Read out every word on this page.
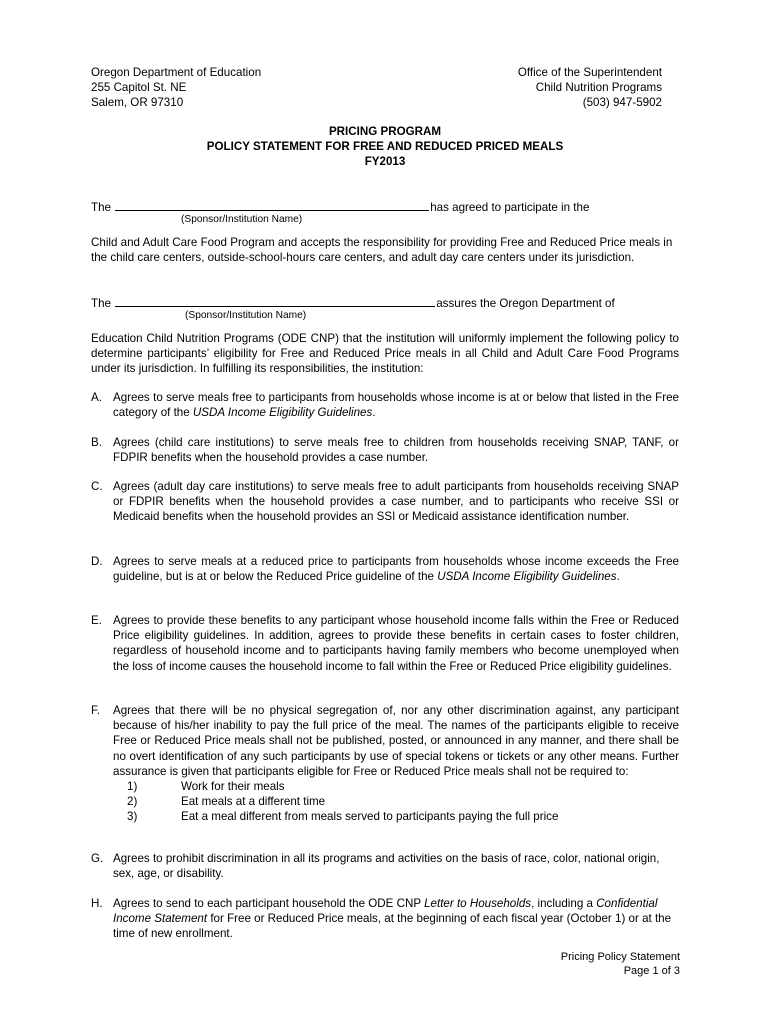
Oregon Department of Education
255 Capitol St. NE
Salem, OR 97310
Office of the Superintendent
Child Nutrition Programs
(503) 947-5902
PRICING PROGRAM
POLICY STATEMENT FOR FREE AND REDUCED PRICED MEALS
FY2013
The	has agreed to participate in the
(Sponsor/Institution Name)
Child and Adult Care Food Program and accepts the responsibility for providing Free and Reduced Price meals in the child care centers, outside-school-hours care centers, and adult day care centers under its jurisdiction.
The	assures the Oregon Department of
(Sponsor/Institution Name)
Education Child Nutrition Programs (ODE CNP) that the institution will uniformly implement the following policy to determine participants’ eligibility for Free and Reduced Price meals in all Child and Adult Care Food Programs under its jurisdiction. In fulfilling its responsibilities, the institution:
A. Agrees to serve meals free to participants from households whose income is at or below that listed in the Free category of the USDA Income Eligibility Guidelines.
B. Agrees (child care institutions) to serve meals free to children from households receiving SNAP, TANF, or FDPIR benefits when the household provides a case number.
C. Agrees (adult day care institutions) to serve meals free to adult participants from households receiving SNAP or FDPIR benefits when the household provides a case number, and to participants who receive SSI or Medicaid benefits when the household provides an SSI or Medicaid assistance identification number.
D. Agrees to serve meals at a reduced price to participants from households whose income exceeds the Free guideline, but is at or below the Reduced Price guideline of the USDA Income Eligibility Guidelines.
E. Agrees to provide these benefits to any participant whose household income falls within the Free or Reduced Price eligibility guidelines. In addition, agrees to provide these benefits in certain cases to foster children, regardless of household income and to participants having family members who become unemployed when the loss of income causes the household income to fall within the Free or Reduced Price eligibility guidelines.
F. Agrees that there will be no physical segregation of, nor any other discrimination against, any participant because of his/her inability to pay the full price of the meal. The names of the participants eligible to receive Free or Reduced Price meals shall not be published, posted, or announced in any manner, and there shall be no overt identification of any such participants by use of special tokens or tickets or any other means. Further assurance is given that participants eligible for Free or Reduced Price meals shall not be required to:
1)	Work for their meals
2)	Eat meals at a different time
3)	Eat a meal different from meals served to participants paying the full price
G. Agrees to prohibit discrimination in all its programs and activities on the basis of race, color, national origin, sex, age, or disability.
H. Agrees to send to each participant household the ODE CNP Letter to Households, including a Confidential Income Statement for Free or Reduced Price meals, at the beginning of each fiscal year (October 1) or at the time of new enrollment.
Pricing Policy Statement
Page 1 of 3
